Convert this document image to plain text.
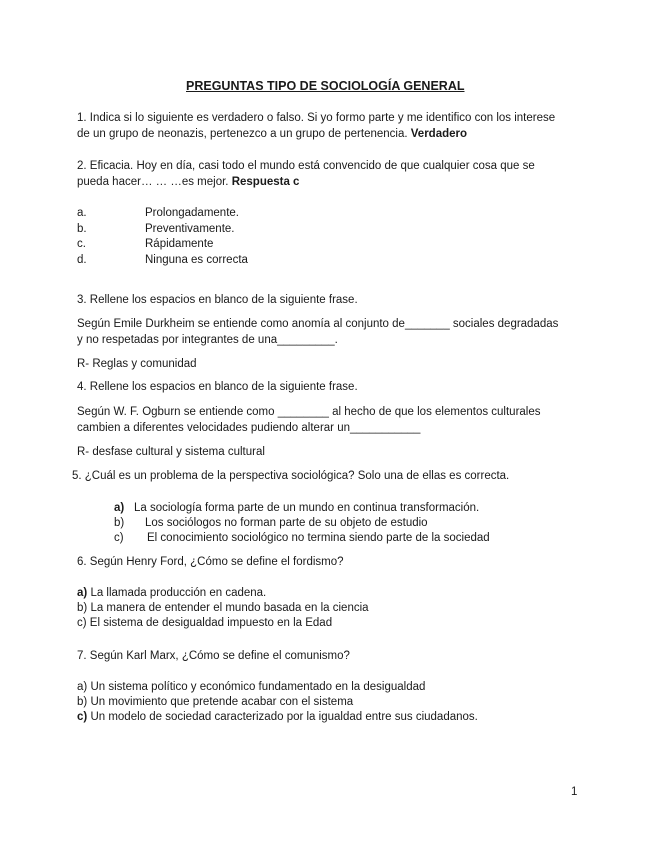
PREGUNTAS TIPO DE SOCIOLOGÍA GENERAL
1. Indica si lo siguiente es verdadero o falso. Si yo formo parte y me identifico con los interese
de un grupo de neonazis, pertenezco a un grupo de pertenencia. Verdadero
2. Eficacia. Hoy en día, casi todo el mundo está convencido de que cualquier cosa que se
pueda hacer… … …es mejor. Respuesta c
a.	Prolongadamente.
b.	Preventivamente.
c.	Rápidamente
d.	Ninguna es correcta
3. Rellene los espacios en blanco de la siguiente frase.
Según Emile Durkheim se entiende como anomía al conjunto de_______ sociales degradadas
y no respetadas por integrantes de una_________.
R- Reglas y comunidad
4. Rellene los espacios en blanco de la siguiente frase.
Según W. F. Ogburn se entiende como ________ al hecho de que los elementos culturales
cambien a diferentes velocidades pudiendo alterar un___________
R- desfase cultural y sistema cultural
5. ¿Cuál es un problema de la perspectiva sociológica? Solo una de ellas es correcta.
a) La sociología forma parte de un mundo en continua transformación.
b) Los sociólogos no forman parte de su objeto de estudio
c) El conocimiento sociológico no termina siendo parte de la sociedad
6. Según Henry Ford, ¿Cómo se define el fordismo?
a) La llamada producción en cadena.
b) La manera de entender el mundo basada en la ciencia
c) El sistema de desigualdad impuesto en la Edad
7. Según Karl Marx, ¿Cómo se define el comunismo?
a) Un sistema político y económico fundamentado en la desigualdad
b) Un movimiento que pretende acabar con el sistema
c) Un modelo de sociedad caracterizado por la igualdad entre sus ciudadanos.
1
